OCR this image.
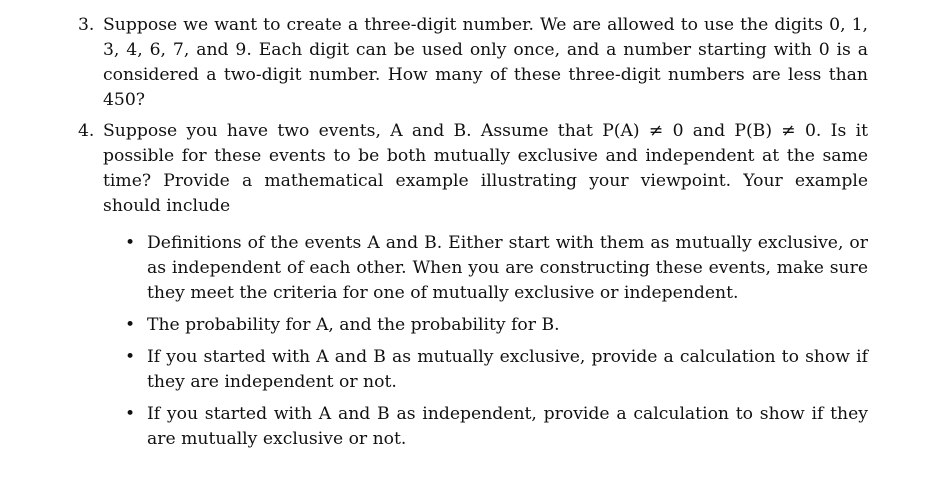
3. Suppose we want to create a three-digit number. We are allowed to use the digits 0, 1, 3, 4, 6, 7, and 9. Each digit can be used only once, and a number starting with 0 is a considered a two-digit number. How many of these three-digit numbers are less than 450?
4. Suppose you have two events, A and B. Assume that P(A) ≠ 0 and P(B) ≠ 0. Is it possible for these events to be both mutually exclusive and independent at the same time? Provide a mathematical example illustrating your viewpoint. Your example should include
• Definitions of the events A and B. Either start with them as mutually exclusive, or as independent of each other. When you are constructing these events, make sure they meet the criteria for one of mutually exclusive or independent.
• The probability for A, and the probability for B.
• If you started with A and B as mutually exclusive, provide a calculation to show if they are independent or not.
• If you started with A and B as independent, provide a calculation to show if they are mutually exclusive or not.
